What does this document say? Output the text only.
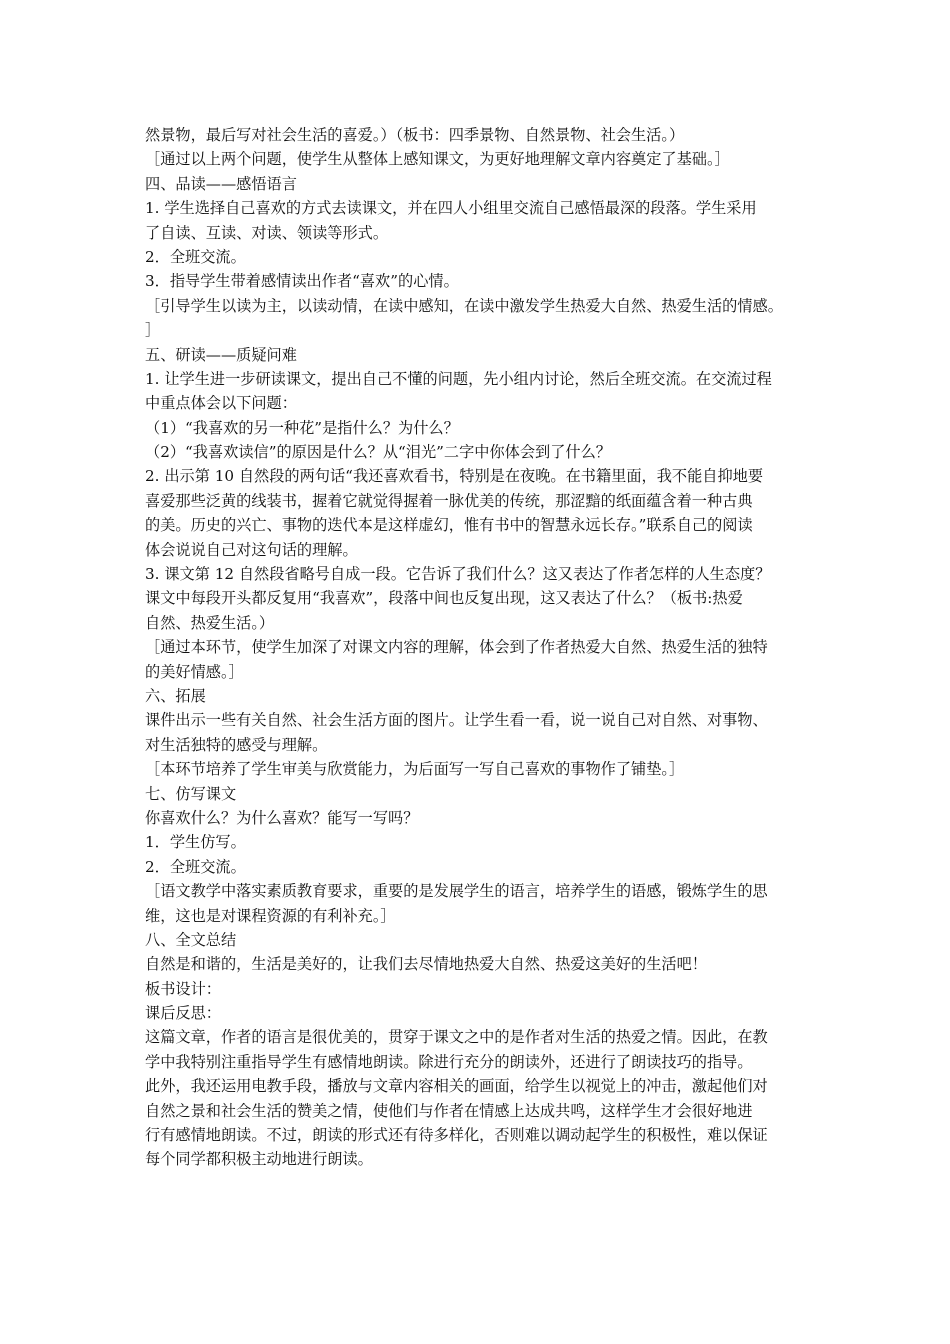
然景物，最后写对社会生活的喜爱。）（板书：四季景物、自然景物、社会生活。）
［通过以上两个问题，使学生从整体上感知课文，为更好地理解文章内容奠定了基础。］
四、品读——感悟语言
1. 学生选择自己喜欢的方式去读课文，并在四人小组里交流自己感悟最深的段落。学生采用
了自读、互读、对读、领读等形式。
2．全班交流。
3．指导学生带着感情读出作者“喜欢”的心情。
［引导学生以读为主，以读动情，在读中感知，在读中激发学生热爱大自然、热爱生活的情感。
］
五、研读——质疑问难
1. 让学生进一步研读课文，提出自己不懂的问题，先小组内讨论，然后全班交流。在交流过程
中重点体会以下问题：
（1）“我喜欢的另一种花”是指什么？为什么？
（2）“我喜欢读信”的原因是什么？从“泪光”二字中你体会到了什么？
2. 出示第 10 自然段的两句话“我还喜欢看书，特别是在夜晚。在书籍里面，我不能自抑地要
喜爱那些泛黄的线装书，握着它就觉得握着一脉优美的传统，那涩黯的纸面蕴含着一种古典
的美。历史的兴亡、事物的迭代本是这样虚幻，惟有书中的智慧永远长存。”联系自己的阅读
体会说说自己对这句话的理解。
3. 课文第 12 自然段省略号自成一段。它告诉了我们什么？这又表达了作者怎样的人生态度？
课文中每段开头都反复用“我喜欢”，段落中间也反复出现，这又表达了什么？（板书:热爱
自然、热爱生活。）
［通过本环节，使学生加深了对课文内容的理解，体会到了作者热爱大自然、热爱生活的独特
的美好情感。］
六、拓展
课件出示一些有关自然、社会生活方面的图片。让学生看一看，说一说自己对自然、对事物、
对生活独特的感受与理解。
［本环节培养了学生审美与欣赏能力，为后面写一写自己喜欢的事物作了铺垫。］
七、仿写课文
你喜欢什么？为什么喜欢？能写一写吗？
1．学生仿写。
2．全班交流。
［语文教学中落实素质教育要求，重要的是发展学生的语言，培养学生的语感，锻炼学生的思
维，这也是对课程资源的有利补充。］
八、全文总结
自然是和谐的，生活是美好的，让我们去尽情地热爱大自然、热爱这美好的生活吧！
板书设计：
课后反思：
这篇文章，作者的语言是很优美的，贯穿于课文之中的是作者对生活的热爱之情。因此，在教
学中我特别注重指导学生有感情地朗读。除进行充分的朗读外，还进行了朗读技巧的指导。
此外，我还运用电教手段，播放与文章内容相关的画面，给学生以视觉上的冲击，激起他们对
自然之景和社会生活的赞美之情，使他们与作者在情感上达成共鸣，这样学生才会很好地进
行有感情地朗读。不过，朗读的形式还有待多样化，否则难以调动起学生的积极性，难以保证
每个同学都积极主动地进行朗读。
